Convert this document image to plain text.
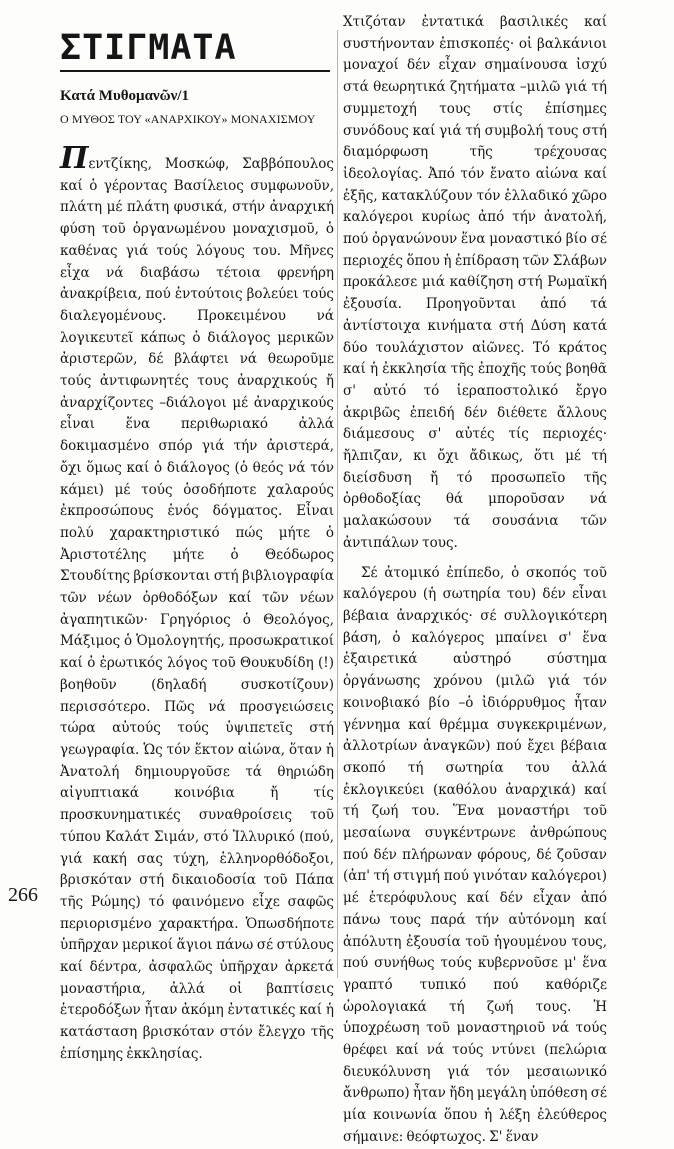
266
ΣΤΙΓΜΑΤΑ

Κατά Μυθομανῶν/1

Ο ΜΥΘΟΣ ΤΟΥ «ΑΝΑΡΧΙΚΟΥ» ΜΟΝΑΧΙΣΜΟΥ

Πεντζίκης, Μοσκώφ, Σαββόπουλος καί ὁ γέροντας Βασίλειος συμφωνοῦν, πλάτη μέ πλάτη φυσικά, στήν ἀναρχική φύση τοῦ ὀργανωμένου μοναχισμοῦ, ὁ καθένας γιά τούς λόγους του. Μῆνες εἶχα νά διαβάσω τέτοια φρενήρη ἀνακρίβεια, πού ἐντούτοις βολεύει τούς διαλεγομένους. Προκειμένου νά λογικευτεῖ κάπως ὁ διάλογος μερικῶν ἀριστερῶν, δέ βλάφτει νά θεωροῦμε τούς ἀντιφωνητές τους ἀναρχικούς ἤ ἀναρχίζοντες –διάλογοι μέ ἀναρχικούς εἶναι ἕνα περιθωριακό ἀλλά δοκιμασμένο σπόρ γιά τήν ἀριστερά, ὄχι ὅμως καί ὁ διάλογος (ὁ θεός νά τόν κάμει) μέ τούς ὁσοδήποτε χαλαρούς ἐκπροσώπους ἑνός δόγματος. Εἶναι πολύ χαρακτηριστικό πώς μήτε ὁ Ἀριστοτέλης μήτε ὁ Θεόδωρος Στουδίτης βρίσκονται στή βιβλιογραφία τῶν νέων ὀρθοδόξων καί τῶν νέων ἀγαπητικῶν· Γρηγόριος ὁ Θεολόγος, Μάξιμος ὁ Ὁμολογητής, προσωκρατικοί καί ὁ ἐρωτικός λόγος τοῦ Θουκυδίδη (!) βοηθοῦν (δηλαδή συσκοτίζουν) περισσότερο. Πῶς νά προσγειώσεις τώρα αὐτούς τούς ὑψιπετεῖς στή γεωγραφία. Ὡς τόν ἕκτον αἰώνα, ὅταν ἡ Ἀνατολή δημιουργοῦσε τά θηριώδη αἰγυπτιακά κοινόβια ἤ τίς προσκυνηματικές συναθροίσεις τοῦ τύπου Καλάτ Σιμάν, στό Ἰλλυρικό (πού, γιά κακή σας τύχη, ἑλληνορθόδοξοι, βρισκόταν στή δικαιοδοσία τοῦ Πάπα τῆς Ρώμης) τό φαινόμενο εἶχε σαφῶς περιορισμένο χαρακτήρα. Ὁπωσδήποτε ὑπῆρχαν μερικοί ἅγιοι πάνω σέ στύλους καί δέντρα, ἀσφαλῶς ὑπῆρχαν ἀρκετά μοναστήρια, ἀλλά οἱ βαπτίσεις ἑτεροδόξων ἦταν ἀκόμη ἐντατικές καί ἡ κατάσταση βρισκόταν στόν ἔλεγχο τῆς ἐπίσημης ἐκκλησίας.

Χτιζόταν ἐντατικά βασιλικές καί συστήνονταν ἐπισκοπές· οἱ βαλκάνιοι μοναχοί δέν εἶχαν σημαίνουσα ἰσχύ στά θεωρητικά ζητήματα –μιλῶ γιά τή συμμετοχή τους στίς ἐπίσημες συνόδους καί γιά τή συμβολή τους στή διαμόρφωση τῆς τρέχουσας ἰδεολογίας. Ἀπό τόν ἔνατο αἰώνα καί ἐξῆς, κατακλύζουν τόν ἑλλαδικό χῶρο καλόγεροι κυρίως ἀπό τήν ἀνατολή, πού ὀργανώνουν ἕνα μοναστικό βίο σέ περιοχές ὅπου ἡ ἐπίδραση τῶν Σλάβων προκάλεσε μιά καθίζηση στή Ρωμαϊκή ἐξουσία. Προηγοῦνται ἀπό τά ἀντίστοιχα κινήματα στή Δύση κατά δύο τουλάχιστον αἰῶνες. Τό κράτος καί ἡ ἐκκλησία τῆς ἐποχῆς τούς βοηθᾶ σ' αὐτό τό ἱεραποστολικό ἔργο ἀκριβῶς ἐπειδή δέν διέθετε ἄλλους διάμεσους σ' αὐτές τίς περιοχές· ἤλπιζαν, κι ὄχι ἄδικως, ὅτι μέ τή διείσδυση ἤ τό προσωπεῖο τῆς ὀρθοδοξίας θά μποροῦσαν νά μαλακώσουν τά σουσάνια τῶν ἀντιπάλων τους.

Σέ ἀτομικό ἐπίπεδο, ὁ σκοπός τοῦ καλόγερου (ἡ σωτηρία του) δέν εἶναι βέβαια ἀναρχικός· σέ συλλογικότερη βάση, ὁ καλόγερος μπαίνει σ' ἕνα ἐξαιρετικά αὐστηρό σύστημα ὀργάνωσης χρόνου (μιλῶ γιά τόν κοινοβιακό βίο –ὁ ἰδιόρρυθμος ἦταν γέννημα καί θρέμμα συγκεκριμένων, ἀλλοτρίων ἀναγκῶν) πού ἔχει βέβαια σκοπό τή σωτηρία του ἀλλά ἐκλογικεύει (καθόλου ἀναρχικά) καί τή ζωή του. Ἕνα μοναστήρι τοῦ μεσαίωνα συγκέντρωνε ἀνθρώπους πού δέν πλήρωναν φόρους, δέ ζοῦσαν (ἀπ' τή στιγμή πού γινόταν καλόγεροι) μέ ἑτερόφυλους καί δέν εἶχαν ἀπό πάνω τους παρά τήν αὐτόνομη καί ἀπόλυτη ἐξουσία τοῦ ἡγουμένου τους, πού συνήθως τούς κυβερνοῦσε μ' ἕνα γραπτό τυπικό πού καθόριζε ὡρολογιακά τή ζωή τους. Ἡ ὑποχρέωση τοῦ μοναστηριοῦ νά τούς θρέφει καί νά τούς ντύνει (πελώρια διευκόλυνση γιά τόν μεσαιωνικό ἄνθρωπο) ἦταν ἤδη μεγάλη ὑπόθεση σέ μία κοινωνία ὅπου ἡ λέξη ἐλεύθερος σήμαινε: θεόφτωχος. Σ' ἕναν
